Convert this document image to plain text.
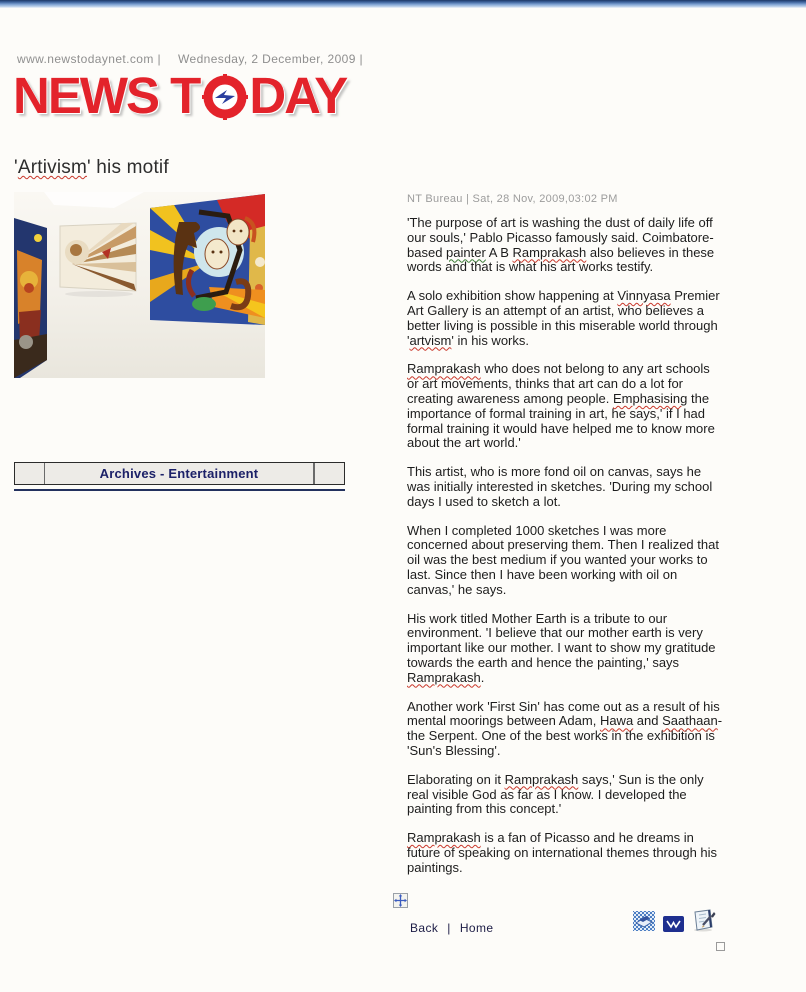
www.newstodaynet.com | Wednesday, 2 December, 2009 |
NEWS T DAY
'Artivism' his motif
Archives - Entertainment
NT Bureau | Sat, 28 Nov, 2009,03:02 PM

'The purpose of art is washing the dust of daily life off our souls,' Pablo Picasso famously said. Coimbatore-based painter A B Ramprakash also believes in these words and that is what his art works testify.

A solo exhibition show happening at Vinnyasa Premier Art Gallery is an attempt of an artist, who believes a better living is possible in this miserable world through 'artvism' in his works.

Ramprakash who does not belong to any art schools or art movements, thinks that art can do a lot for creating awareness among people. Emphasising the importance of formal training in art, he says,' if I had formal training it would have helped me to know more about the art world.'

This artist, who is more fond oil on canvas, says he was initially interested in sketches. 'During my school days I used to sketch a lot.

When I completed 1000 sketches I was more concerned about preserving them. Then I realized that oil was the best medium if you wanted your works to last. Since then I have been working with oil on canvas,' he says.

His work titled Mother Earth is a tribute to our environment. 'I believe that our mother earth is very important like our mother. I want to show my gratitude towards the earth and hence the painting,' says Ramprakash.

Another work 'First Sin' has come out as a result of his mental moorings between Adam, Hawa and Saathaan- the Serpent. One of the best works in the exhibition is 'Sun's Blessing'.

Elaborating on it Ramprakash says,' Sun is the only real visible God as far as I know. I developed the painting from this concept.'

Ramprakash is a fan of Picasso and he dreams in future of speaking on international themes through his paintings.

Back | Home
